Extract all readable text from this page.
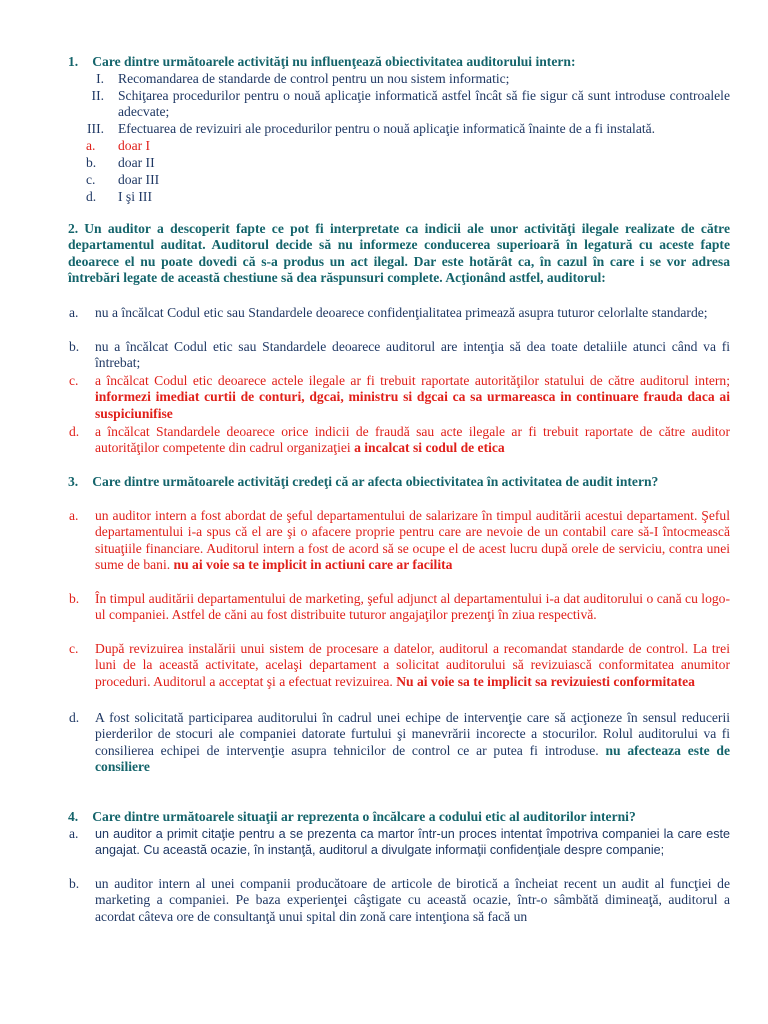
1. Care dintre următoarele activităţi nu influenţează obiectivitatea auditorului intern:
I. Recomandarea de standarde de control pentru un nou sistem informatic;
II. Schiţarea procedurilor pentru o nouă aplicaţie informatică astfel încât să fie sigur că sunt introduse controalele adecvate;
III. Efectuarea de revizuiri ale procedurilor pentru o nouă aplicaţie informatică înainte de a fi instalată.
a.	doar I
b.	doar II
c.	doar III
d.	I şi III
2. Un auditor a descoperit fapte ce pot fi interpretate ca indicii ale unor activităţi ilegale realizate de către departamentul auditat. Auditorul decide să nu informeze conducerea superioară în legatură cu aceste fapte deoarece el nu poate dovedi că s-a produs un act ilegal. Dar este hotărât ca, în cazul în care i se vor adresa întrebări legate de această chestiune să dea răspunsuri complete. Acţionând astfel, auditorul:
a.	nu a încălcat Codul etic sau Standardele deoarece confidenţialitatea primează asupra tuturor celorlalte standarde;
b.	nu a încălcat Codul etic sau Standardele deoarece auditorul are intenţia să dea toate detaliile atunci când va fi întrebat;
c.	a încălcat Codul etic deoarece actele ilegale ar fi trebuit raportate autorităţilor statului de către auditorul intern; informezi imediat curtii de conturi, dgcai, ministru si dgcai ca sa urmareasca in continuare frauda daca ai suspiciunifise
d.	a încălcat Standardele deoarece orice indicii de fraudă sau acte ilegale ar fi trebuit raportate de către auditor autorităţilor competente din cadrul organizaţiei a incalcat si codul de etica
3. Care dintre următoarele activităţi credeţi că ar afecta obiectivitatea în activitatea de audit intern?
a.	un auditor intern a fost abordat de şeful departamentului de salarizare în timpul auditării acestui departament. Şeful departamentului i-a spus că el are şi o afacere proprie pentru care are nevoie de un contabil care să-I întocmească situaţiile financiare. Auditorul intern a fost de acord să se ocupe el de acest lucru după orele de serviciu, contra unei sume de bani. nu ai voie sa te implicit in actiuni care ar facilita
b.	În timpul auditării departamentului de marketing, şeful adjunct al departamentului i-a dat auditorului o cană cu logo-ul companiei. Astfel de căni au fost distribuite tuturor angajaţilor prezenţi în ziua respectivă.
c.	După revizuirea instalării unui sistem de procesare a datelor, auditorul a recomandat standarde de control. La trei luni de la această activitate, acelaşi departament a solicitat auditorului să revizuiască conformitatea anumitor proceduri. Auditorul a acceptat şi a efectuat revizuirea. Nu ai voie sa te implicit sa revizuiesti conformitatea
d.	A fost solicitată participarea auditorului în cadrul unei echipe de intervenţie care să acţioneze în sensul reducerii pierderilor de stocuri ale companiei datorate furtului şi manevrării incorecte a stocurilor. Rolul auditorului va fi consilierea echipei de intervenţie asupra tehnicilor de control ce ar putea fi introduse. nu afecteaza este de consiliere
4. Care dintre următoarele situaţii ar reprezenta o încălcare a codului etic al auditorilor interni?
a.	un auditor a primit citaţie pentru a se prezenta ca martor într-un proces intentat împotriva companiei la care este angajat. Cu această ocazie, în instanţă, auditorul a divulgate informaţii confidenţiale despre companie;
b.	un auditor intern al unei companii producătoare de articole de birotică a încheiat recent un audit al funcţiei de marketing a companiei. Pe baza experienţei câştigate cu această ocazie, într-o sâmbătă dimineaţă, auditorul a acordat câteva ore de consultanţă unui spital din zonă care intenţiona să facă un
